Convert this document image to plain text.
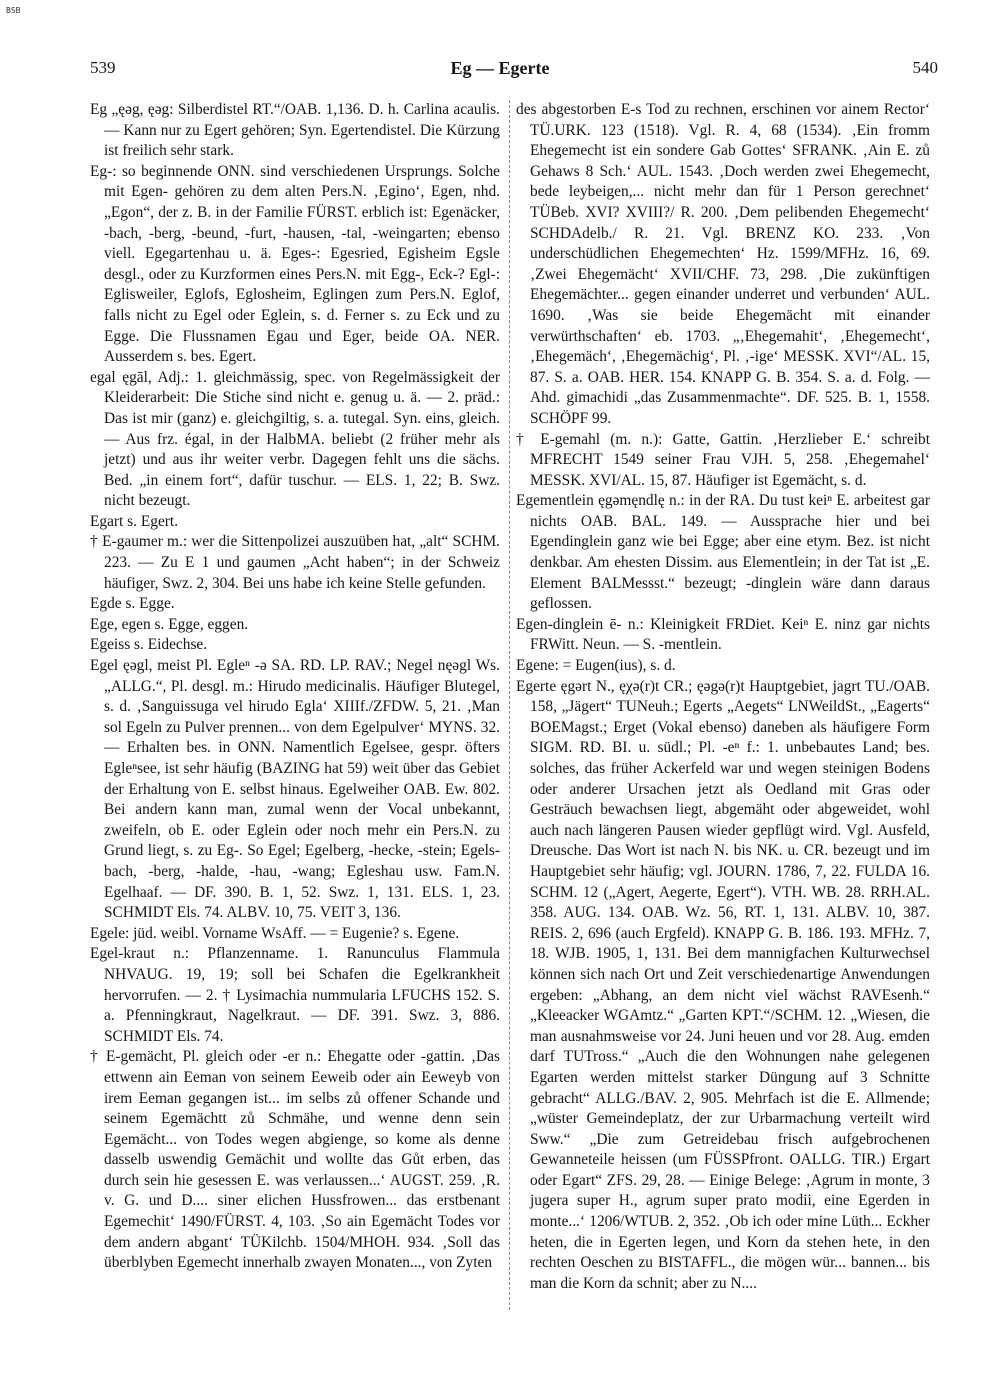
BSB
539	Eg — Egerte	540

Eg „ęəg, ęəg: Silberdistel RT.“/OAB. 1,136. D. h. Carlina acaulis. — Kann nur zu Egert gehören; Syn. Egertendistel. Die Kürzung ist freilich sehr stark.

Eg-: so beginnende ONN. sind verschiedenen Ursprungs. Solche mit Egen- gehören zu dem alten Pers.N. ‚Egino‘, Egen, nhd. „Egon“, der z. B. in der Familie FÜRST. erblich ist: Egenäcker, -bach, -berg, -beund, -furt, -hausen, -tal, -weingarten; ebenso viell. Egegartenhau u. ä. Eges-: Egesried, Egisheim Egsle desgl., oder zu Kurzformen eines Pers.N. mit Egg-, Eck-? Egl-: Eglisweiler, Eglofs, Eglosheim, Eglingen zum Pers.N. Eglof, falls nicht zu Egel oder Eglein, s. d. Ferner s. zu Eck und zu Egge. Die Flussnamen Egau und Eger, beide OA. NER. Ausserdem s. bes. Egert.

egal ęgāl, Adj.: 1. gleichmässig, spec. von Regelmässigkeit der Kleiderarbeit: Die Stiche sind nicht e. genug u. ä. — 2. präd.: Das ist mir (ganz) e. gleichgiltig, s. a. tutegal. Syn. eins, gleich. — Aus frz. égal, in der HalbMA. beliebt (2 früher mehr als jetzt) und aus ihr weiter verbr. Dagegen fehlt uns die sächs. Bed. „in einem fort“, dafür tuschur. — ELS. 1, 22; B. Swz. nicht bezeugt.

Egart s. Egert.

† E-gaumer m.: wer die Sittenpolizei auszuüben hat, „alt“ SCHM. 223. — Zu E 1 und gaumen „Acht haben“; in der Schweiz häufiger, Swz. 2, 304. Bei uns habe ich keine Stelle gefunden.

Egde s. Egge.

Ege, egen s. Egge, eggen.

Egeiss s. Eidechse.

Egel ęəgl, meist Pl. Egleⁿ -ə SA. RD. LP. RAV.; Negel nęəgl Ws. „ALLG.“, Pl. desgl. m.: Hirudo medicinalis. Häufiger Blutegel, s. d. ‚Sanguissuga vel hirudo Egla‘ XIIIf./ZFDW. 5, 21. ‚Man sol Egeln zu Pulver prennen... von dem Egelpulver‘ MYNS. 32. — Erhalten bes. in ONN. Namentlich Egelsee, gespr. öfters Egleⁿsee, ist sehr häufig (BAZING hat 59) weit über das Gebiet der Erhaltung von E. selbst hinaus. Egelweiher OAB. Ew. 802. Bei andern kann man, zumal wenn der Vocal unbekannt, zweifeln, ob E. oder Eglein oder noch mehr ein Pers.N. zu Grund liegt, s. zu Eg-. So Egel; Egelberg, -hecke, -stein; Egels-bach, -berg, -halde, -hau, -wang; Egleshau usw. Fam.N. Egelhaaf. — DF. 390. B. 1, 52. Swz. 1, 131. ELS. 1, 23. SCHMIDT Els. 74. ALBV. 10, 75. VEIT 3, 136.

Egele: jüd. weibl. Vorname WsAff. — = Eugenie? s. Egene.

Egel-kraut n.: Pflanzenname. 1. Ranunculus Flammula NHVAUG. 19, 19; soll bei Schafen die Egelkrankheit hervorrufen. — 2. † Lysimachia nummularia LFUCHS 152. S. a. Pfenningkraut, Nagelkraut. — DF. 391. Swz. 3, 886. SCHMIDT Els. 74.

† E-gemächt, Pl. gleich oder -er n.: Ehegatte oder -gattin. ‚Das ettwenn ain Eeman von seinem Eeweib oder ain Eeweyb von irem Eeman gegangen ist... im selbs zů offener Schande und seinem Egemächtt zů Schmähe, und wenne denn sein Egemächt... von Todes wegen abgienge, so kome als denne dasselb uswendig Gemächit und wollte das Gůt erben, das durch sein hie gesessen E. was verlaussen...‘ AUGST. 259. ‚R. v. G. und D.... siner elichen Hussfrowen... das erstbenant Egemechit‘ 1490/FÜRST. 4, 103. ‚So ain Egemächt Todes vor dem andern abgant‘ TÜKilchb. 1504/MHOH. 934. ‚Soll das überblyben Egemecht innerhalb zwayen Monaten..., von Zyten

des abgestorben E-s Tod zu rechnen, erschinen vor ainem Rector‘ TÜ.URK. 123 (1518). Vgl. R. 4, 68 (1534). ‚Ein fromm Ehegemecht ist ein sondere Gab Gottes‘ SFRANK. ‚Ain E. zů Gehaws 8 Sch.‘ AUL. 1543. ‚Doch werden zwei Ehegemecht, bede leybeigen,... nicht mehr dan für 1 Person gerechnet‘ TÜBeb. XVI? XVIII?/ R. 200. ‚Dem pelibenden Ehegemecht‘ SCHDAdelb./ R. 21. Vgl. BRENZ KO. 233. ‚Von underschüdlichen Ehegemechten‘ Hz. 1599/MFHz. 16, 69. ‚Zwei Ehegemächt‘ XVII/CHF. 73, 298. ‚Die zukünftigen Ehegemächter... gegen einander underret und verbunden‘ AUL. 1690. ‚Was sie beide Ehegemächt mit einander verwürthschaften‘ eb. 1703. „‚Ehegemahit‘, ‚Ehegemecht‘, ‚Ehegemäch‘, ‚Ehegemächig‘, Pl. ‚-ige‘ MESSK. XVI“/AL. 15, 87. S. a. OAB. HER. 154. KNAPP G. B. 354. S. a. d. Folg. — Ahd. gimachidi „das Zusammenmachte“. DF. 525. B. 1, 1558. SCHÖPF 99.

† E-gemahl (m. n.): Gatte, Gattin. ‚Herzlieber E.‘ schreibt MFRECHT 1549 seiner Frau VJH. 5, 258. ‚Ehegemahel‘ MESSK. XVI/AL. 15, 87. Häufiger ist Egemächt, s. d.

Egementlein ęgəmęndlę n.: in der RA. Du tust keiⁿ E. arbeitest gar nichts OAB. BAL. 149. — Aussprache hier und bei Egendinglein ganz wie bei Egge; aber eine etym. Bez. ist nicht denkbar. Am ehesten Dissim. aus Elementlein; in der Tat ist „E. Element BALMessst.“ bezeugt; -dinglein wäre dann daraus geflossen.

Egen-dinglein ē- n.: Kleinigkeit FRDiet. Keiⁿ E. ninz gar nichts FRWitt. Neun. — S. -mentlein.

Egene: = Eugen(ius), s. d.

Egerte ęgərt N., ęχə(r)t CR.; ęəgə(r)t Hauptgebiet, jagrt TU./OAB. 158, „Jägert“ TUNeuh.; Egerts „Aegets“ LNWeildSt., „Eagerts“ BOEMagst.; Erget (Vokal ebenso) daneben als häufigere Form SIGM. RD. BI. u. südl.; Pl. -eⁿ f.: 1. unbebautes Land; bes. solches, das früher Ackerfeld war und wegen steinigen Bodens oder anderer Ursachen jetzt als Oedland mit Gras oder Gesträuch bewachsen liegt, abgemäht oder abgeweidet, wohl auch nach längeren Pausen wieder gepflügt wird. Vgl. Ausfeld, Dreusche. Das Wort ist nach N. bis NK. u. CR. bezeugt und im Hauptgebiet sehr häufig; vgl. JOURN. 1786, 7, 22. FULDA 16. SCHM. 12 („Agert, Aegerte, Egert“). VTH. WB. 28. RRH.AL. 358. AUG. 134. OAB. Wz. 56, RT. 1, 131. ALBV. 10, 387. REIS. 2, 696 (auch Ergfeld). KNAPP G. B. 186. 193. MFHz. 7, 18. WJB. 1905, 1, 131. Bei dem mannigfachen Kulturwechsel können sich nach Ort und Zeit verschiedenartige Anwendungen ergeben: „Abhang, an dem nicht viel wächst RAVEsenh.“ „Kleeacker WGAmtz.“ „Garten KPT.“/SCHM. 12. „Wiesen, die man ausnahmsweise vor 24. Juni heuen und vor 28. Aug. emden darf TUTross.“ „Auch die den Wohnungen nahe gelegenen Egarten werden mittelst starker Düngung auf 3 Schnitte gebracht“ ALLG./BAV. 2, 905. Mehrfach ist die E. Allmende; „wüster Gemeindeplatz, der zur Urbarmachung verteilt wird Sww.“ „Die zum Getreidebau frisch aufgebrochenen Gewanneteile heissen (um FÜSSPfront. OALLG. TIR.) Ergart oder Egart“ ZFS. 29, 28. — Einige Belege: ‚Agrum in monte, 3 jugera super H., agrum super prato modii, eine Egerden in monte...‘ 1206/WTUB. 2, 352. ‚Ob ich oder mine Lüth... Eckher heten, die in Egerten legen, und Korn da stehen hete, in den rechten Oeschen zu BISTAFFL., die mögen wür... bannen... bis man die Korn da schnit; aber zu N....
